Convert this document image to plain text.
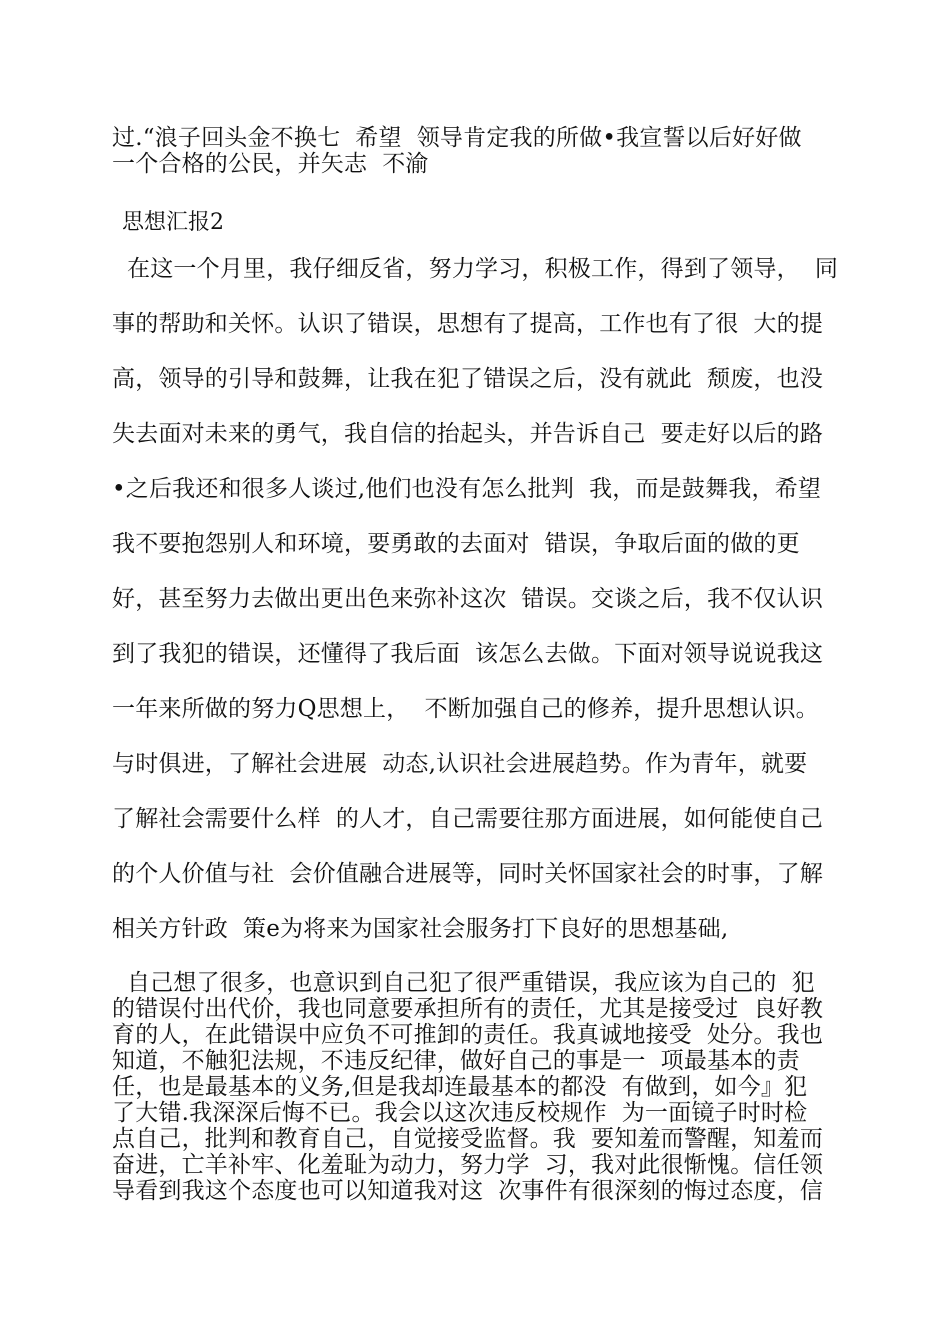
过.“浪子回头金不换七  希望  领导肯定我的所做•我宣誓以后好好做
一个合格的公民，并矢志  不渝
思想汇报2
在这一个月里，我仔细反省，努力学习，积极工作，得到了领导，  同
事的帮助和关怀。认识了错误，思想有了提高，工作也有了很  大的提
高，领导的引导和鼓舞，让我在犯了错误之后，没有就此  颓废，也没
失去面对未来的勇气，我自信的抬起头，并告诉自己  要走好以后的路
•之后我还和很多人谈过,他们也没有怎么批判  我，而是鼓舞我，希望
我不要抱怨别人和环境，要勇敢的去面对  错误，争取后面的做的更
好，甚至努力去做出更出色来弥补这次  错误。交谈之后，我不仅认识
到了我犯的错误，还懂得了我后面  该怎么去做。下面对领导说说我这
一年来所做的努力Q思想上，  不断加强自己的修养，提升思想认识。
与时俱进，了解社会进展  动态,认识社会进展趋势。作为青年，就要
了解社会需要什么样  的人才，自己需要往那方面进展，如何能使自己
的个人价值与社  会价值融合进展等，同时关怀国家社会的时事，了解
相关方针政  策e为将来为国家社会服务打下良好的思想基础,
自己想了很多，也意识到自己犯了很严重错误，我应该为自己的  犯
的错误付出代价，我也同意要承担所有的责任，尤其是接受过  良好教
育的人，在此错误中应负不可推卸的责任。我真诚地接受  处分。我也
知道，不触犯法规，不违反纪律，做好自己的事是一  项最基本的责
任，也是最基本的义务,但是我却连最基本的都没  有做到，如今』犯
了大错.我深深后悔不已。我会以这次违反校规作  为一面镜子时时检
点自己，批判和教育自己，自觉接受监督。我  要知羞而警醒，知羞而
奋进，亡羊补牢、化羞耻为动力，努力学  习，我对此很惭愧。信任领
导看到我这个态度也可以知道我对这  次事件有很深刻的悔过态度，信
